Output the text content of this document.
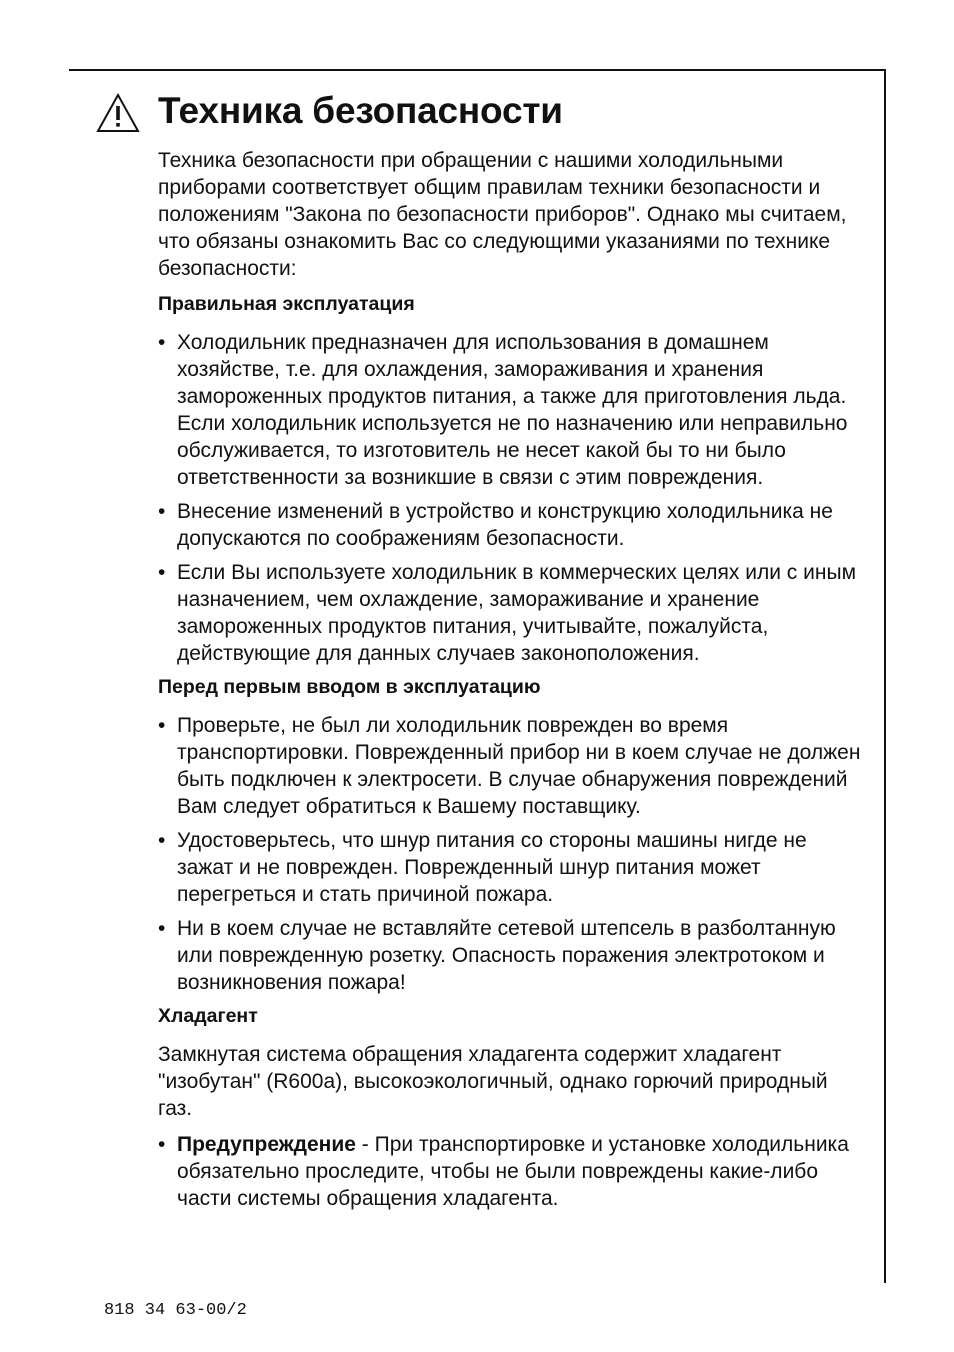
Техника безопасности

Техника безопасности при обращении с нашими холодильными приборами соответствует общим правилам техники безопасности и положениям "Закона по безопасности приборов". Однако мы считаем, что обязаны ознакомить Вас со следующими указаниями по технике безопасности:

Правильная эксплуатация
• Холодильник предназначен для использования в домашнем хозяйстве, т.е. для охлаждения, замораживания и хранения замороженных продуктов питания, а также для приготовления льда. Если холодильник используется не по назначению или неправильно обслуживается, то изготовитель не несет какой бы то ни было ответственности за возникшие в связи с этим повреждения.
• Внесение изменений в устройство и конструкцию холодильника не допускаются по соображениям безопасности.
• Если Вы используете холодильник в коммерческих целях или с иным назначением, чем охлаждение, замораживание и хранение замороженных продуктов питания, учитывайте, пожалуйста, действующие для данных случаев законоположения.
Перед первым вводом в эксплуатацию
• Проверьте, не был ли холодильник поврежден во время транспортировки. Поврежденный прибор ни в коем случае не должен быть подключен к электросети. В случае обнаружения повреждений Вам следует обратиться к Вашему поставщику.
• Удостоверьтесь, что шнур питания со стороны машины нигде не зажат и не поврежден. Поврежденный шнур питания может перегреться и стать причиной пожара.
• Ни в коем случае не вставляйте сетевой штепсель в разболтанную или поврежденную розетку. Опасность поражения электротоком и возникновения пожара!
Хладагент

Замкнутая система обращения хладагента содержит хладагент "изобутан" (R600a), высокоэкологичный, однако горючий природный газ.

• Предупреждение - При транспортировке и установке холодильника обязательно проследите, чтобы не были повреждены какие-либо части системы обращения хладагента.
818 34 63-00/2
